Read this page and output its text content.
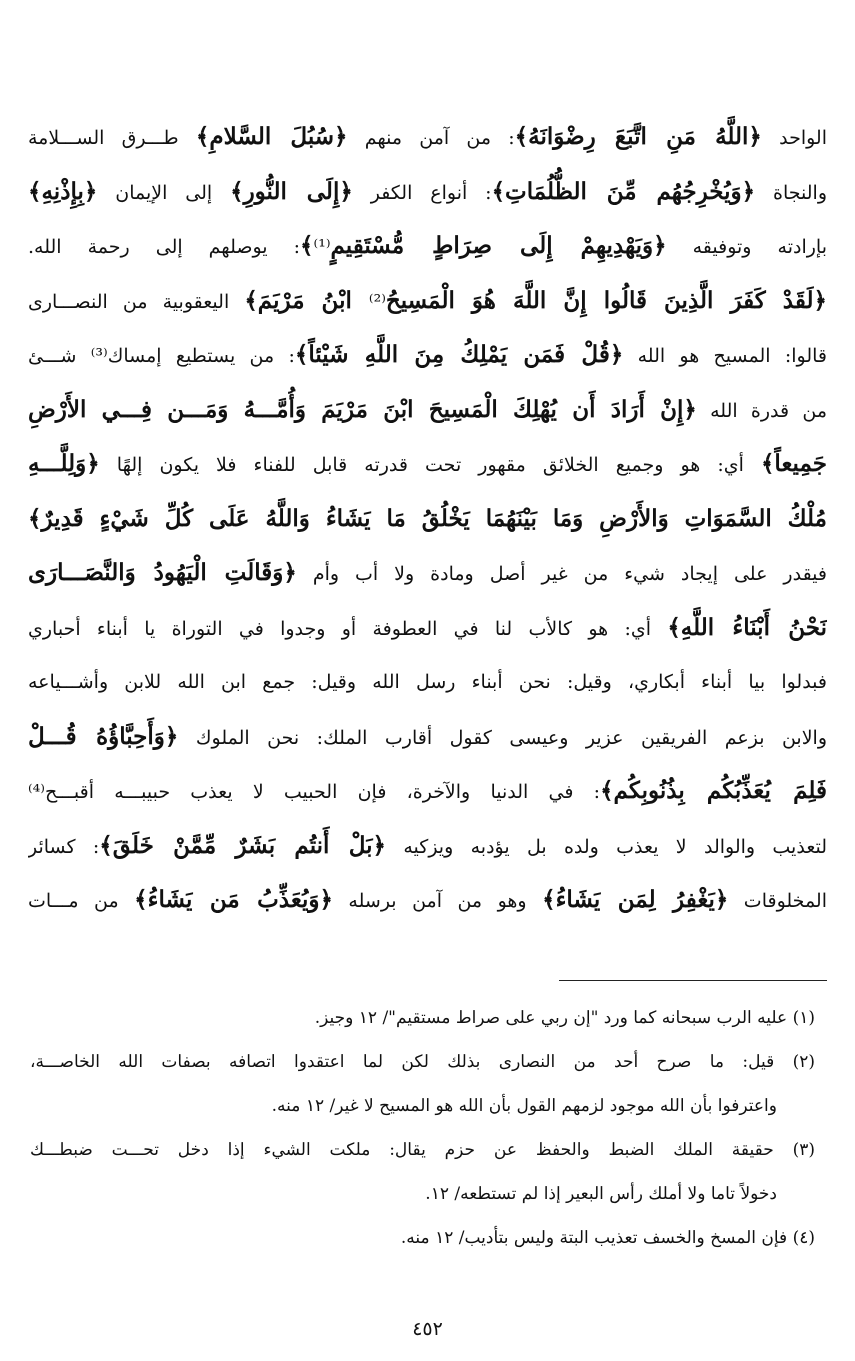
الواحد ﴿اللَّهُ مَنِ اتَّبَعَ رِضْوَانَهُ﴾: من آمن منهم ﴿سُبُلَ السَّلامِ﴾ طـــرق الســـلامة
والنجاة ﴿وَيُخْرِجُهُم مِّنَ الظُّلُمَاتِ﴾: أنواع الكفر ﴿إِلَى النُّورِ﴾ إلى الإيمان ﴿بِإِذْنِهِ﴾
بإرادته وتوفيقه ﴿وَيَهْدِيهِمْ إِلَى صِرَاطٍ مُّسْتَقِيمٍ⁽¹⁾﴾: يوصلهم إلى رحمة الله.
﴿لَقَدْ كَفَرَ الَّذِينَ قَالُوا إِنَّ اللَّهَ هُوَ الْمَسِيحُ⁽²⁾ ابْنُ مَرْيَمَ﴾ اليعقوبية من النصـــارى
قالوا: المسيح هو الله ﴿قُلْ فَمَن يَمْلِكُ مِنَ اللَّهِ شَيْئاً﴾: من يستطيع إمساك⁽³⁾ شـــئ
من قدرة الله ﴿إِنْ أَرَادَ أَن يُهْلِكَ الْمَسِيحَ ابْنَ مَرْيَمَ وَأُمَّـــهُ وَمَـــن فِـــي الأَرْضِ
جَمِيعاً﴾ أي: هو وجميع الخلائق مقهور تحت قدرته قابل للفناء فلا يكون إلهًا ﴿وَلِلَّـــهِ
مُلْكُ السَّمَوَاتِ وَالأَرْضِ وَمَا بَيْنَهُمَا يَخْلُقُ مَا يَشَاءُ وَاللَّهُ عَلَى كُلِّ شَيْءٍ قَدِيرٌ﴾
فيقدر على إيجاد شيء من غير أصل ومادة ولا أب وأم ﴿وَقَالَتِ الْيَهُودُ وَالنَّصَـــارَى
نَحْنُ أَبْنَاءُ اللَّهِ﴾ أي: هو كالأب لنا في العطوفة أو وجدوا في التوراة يا أبناء أحباري
فبدلوا بيا أبناء أبكاري، وقيل: نحن أبناء رسل الله وقيل: جمع ابن الله للابن وأشـــياعه
والابن بزعم الفريقين عزير وعيسى كقول أقارب الملك: نحن الملوك ﴿وَأَحِبَّاؤُهُ قُـــلْ
فَلِمَ يُعَذِّبُكُم بِذُنُوبِكُم﴾: في الدنيا والآخرة، فإن الحبيب لا يعذب حبيبـــه أقبـــح⁽⁴⁾
لتعذيب والوالد لا يعذب ولده بل يؤدبه ويزكيه ﴿بَلْ أَنتُم بَشَرٌ مِّمَّنْ خَلَقَ﴾: كسائر
المخلوقات ﴿يَغْفِرُ لِمَن يَشَاءُ﴾ وهو من آمن برسله ﴿وَيُعَذِّبُ مَن يَشَاءُ﴾ من مـــات
(١) عليه الرب سبحانه كما ورد "إن ربي على صراط مستقيم"/ ١٢ وجيز.
(٢) قيل: ما صرح أحد من النصارى بذلك لكن لما اعتقدوا اتصافه بصفات الله الخاصـــة،
واعترفوا بأن الله موجود لزمهم القول بأن الله هو المسيح لا غير/ ١٢ منه.
(٣) حقيقة الملك الضبط والحفظ عن حزم يقال: ملكت الشيء إذا دخل تحـــت ضبطـــك
دخولاً تاما ولا أملك رأس البعير إذا لم تستطعه/ ١٢.
(٤) فإن المسخ والخسف تعذيب البتة وليس بتأديب/ ١٢ منه.
٤٥٢
